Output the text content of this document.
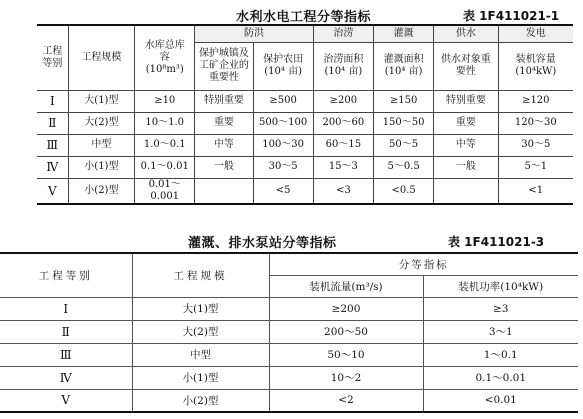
水利水电工程分等指标	表 1F411021-1
工程等别	工程规模	水库总库容(10⁸m³)	防洪		治涝	灌溉	供水	发电
			保护城镇及工矿企业的重要性	保护农田(10⁴ 亩)	治涝面积(10⁴ 亩)	灌溉面积(10⁴ 亩)	供水对象重要性	装机容量(10⁴kW)
Ⅰ	大(1)型	≥10	特别重要	≥500	≥200	≥150	特别重要	≥120
Ⅱ	大(2)型	10～1.0	重要	500～100	200～60	150～50	重要	120～30
Ⅲ	中型	1.0～0.1	中等	100～30	60～15	50～5	中等	30～5
Ⅳ	小(1)型	0.1～0.01	一般	30～5	15～3	5～0.5	一般	5～1
Ⅴ	小(2)型	0.01～0.001		<5	<3	<0.5		<1
灌溉、排水泵站分等指标	表 1F411021-3
工程等别	工程规模	分等指标	
		装机流量(m³/s)	装机功率(10⁴kW)
Ⅰ	大(1)型	≥200	≥3
Ⅱ	大(2)型	200～50	3～1
Ⅲ	中型	50～10	1～0.1
Ⅳ	小(1)型	10～2	0.1～0.01
Ⅴ	小(2)型	<2	<0.01
